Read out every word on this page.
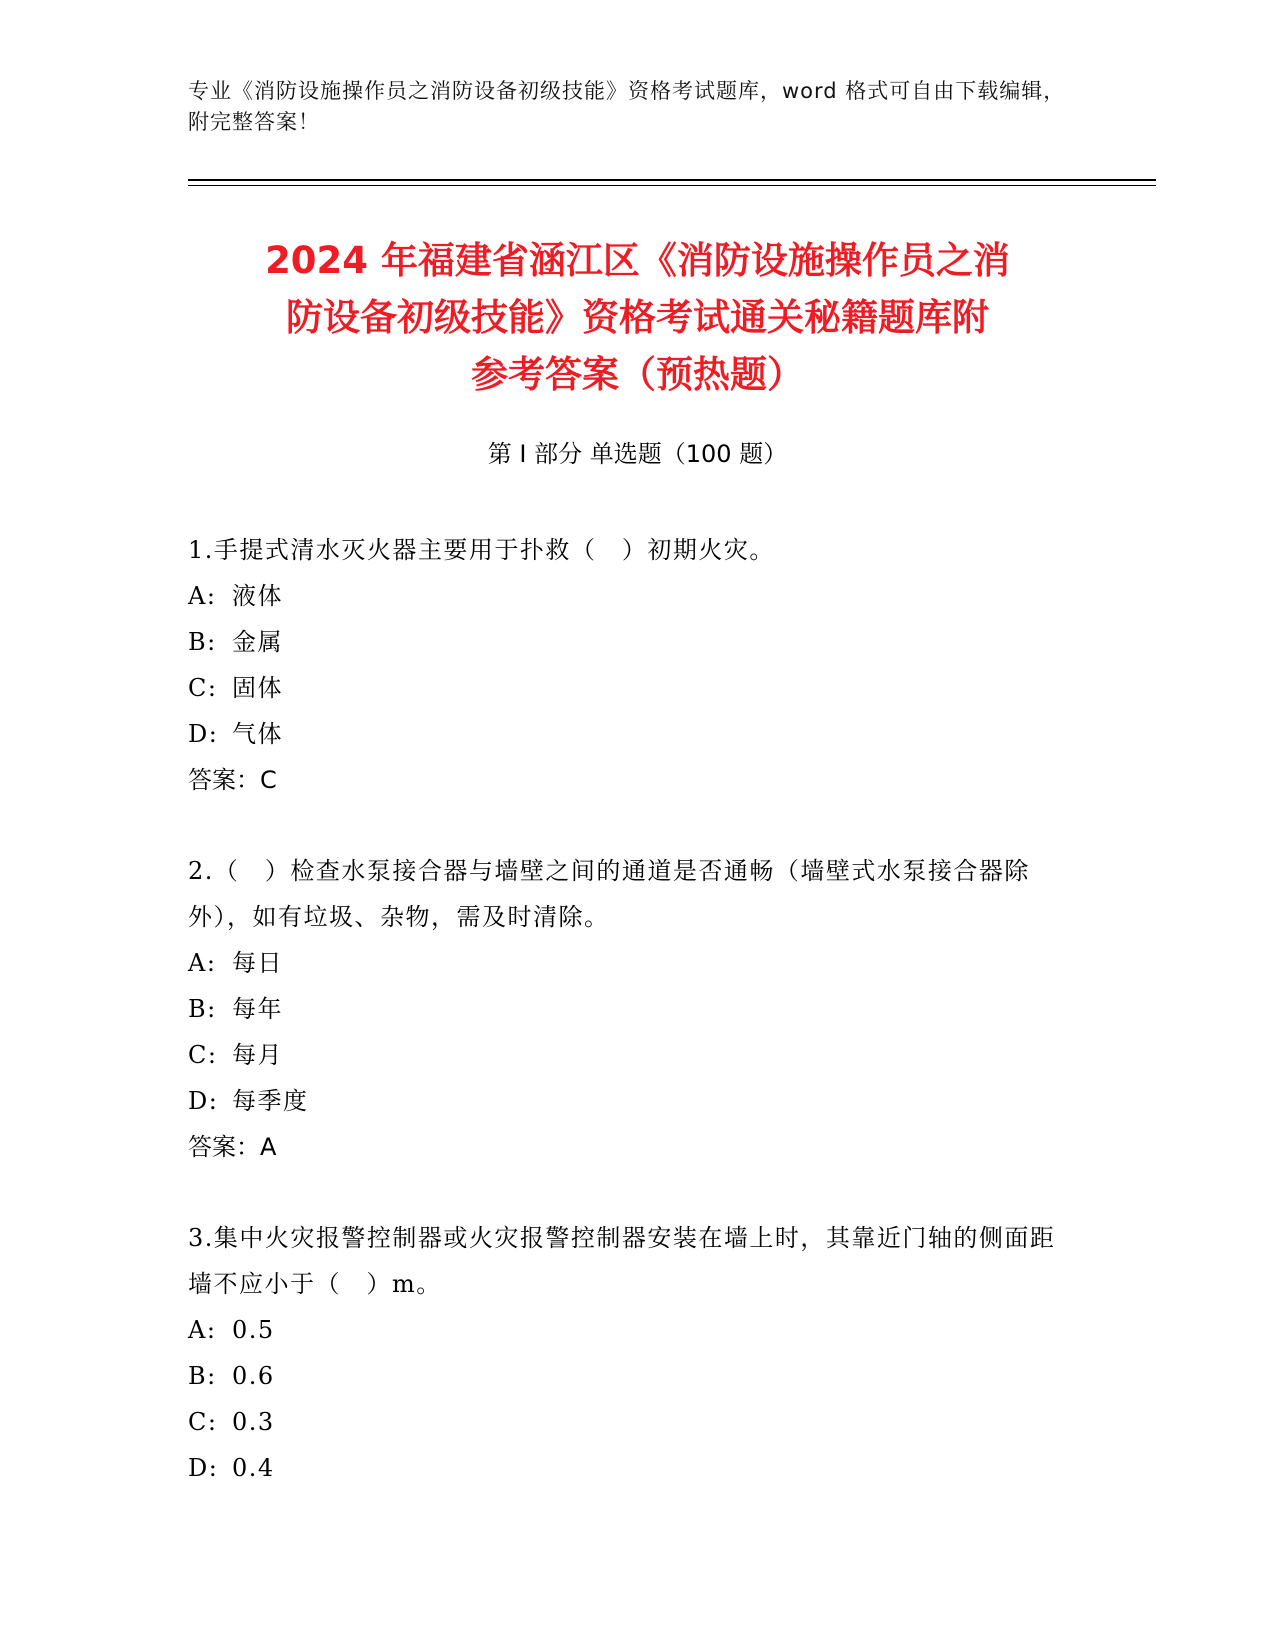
专业《消防设施操作员之消防设备初级技能》资格考试题库，word 格式可自由下载编辑，附完整答案！
2024 年福建省涵江区《消防设施操作员之消
防设备初级技能》资格考试通关秘籍题库附
参考答案（预热题）
第 I 部分 单选题（100 题）

1.手提式清水灭火器主要用于扑救（　）初期火灾。

A: 液体
B: 金属
C: 固体
D: 气体

答案：C

2.（　）检查水泵接合器与墙壁之间的通道是否通畅（墙壁式水泵接合器除外），如有垃圾、杂物，需及时清除。

A: 每日
B: 每年
C: 每月
D: 每季度

答案：A

3.集中火灾报警控制器或火灾报警控制器安装在墙上时，其靠近门轴的侧面距墙不应小于（　）m。

A: 0.5
B: 0.6
C: 0.3
D: 0.4
